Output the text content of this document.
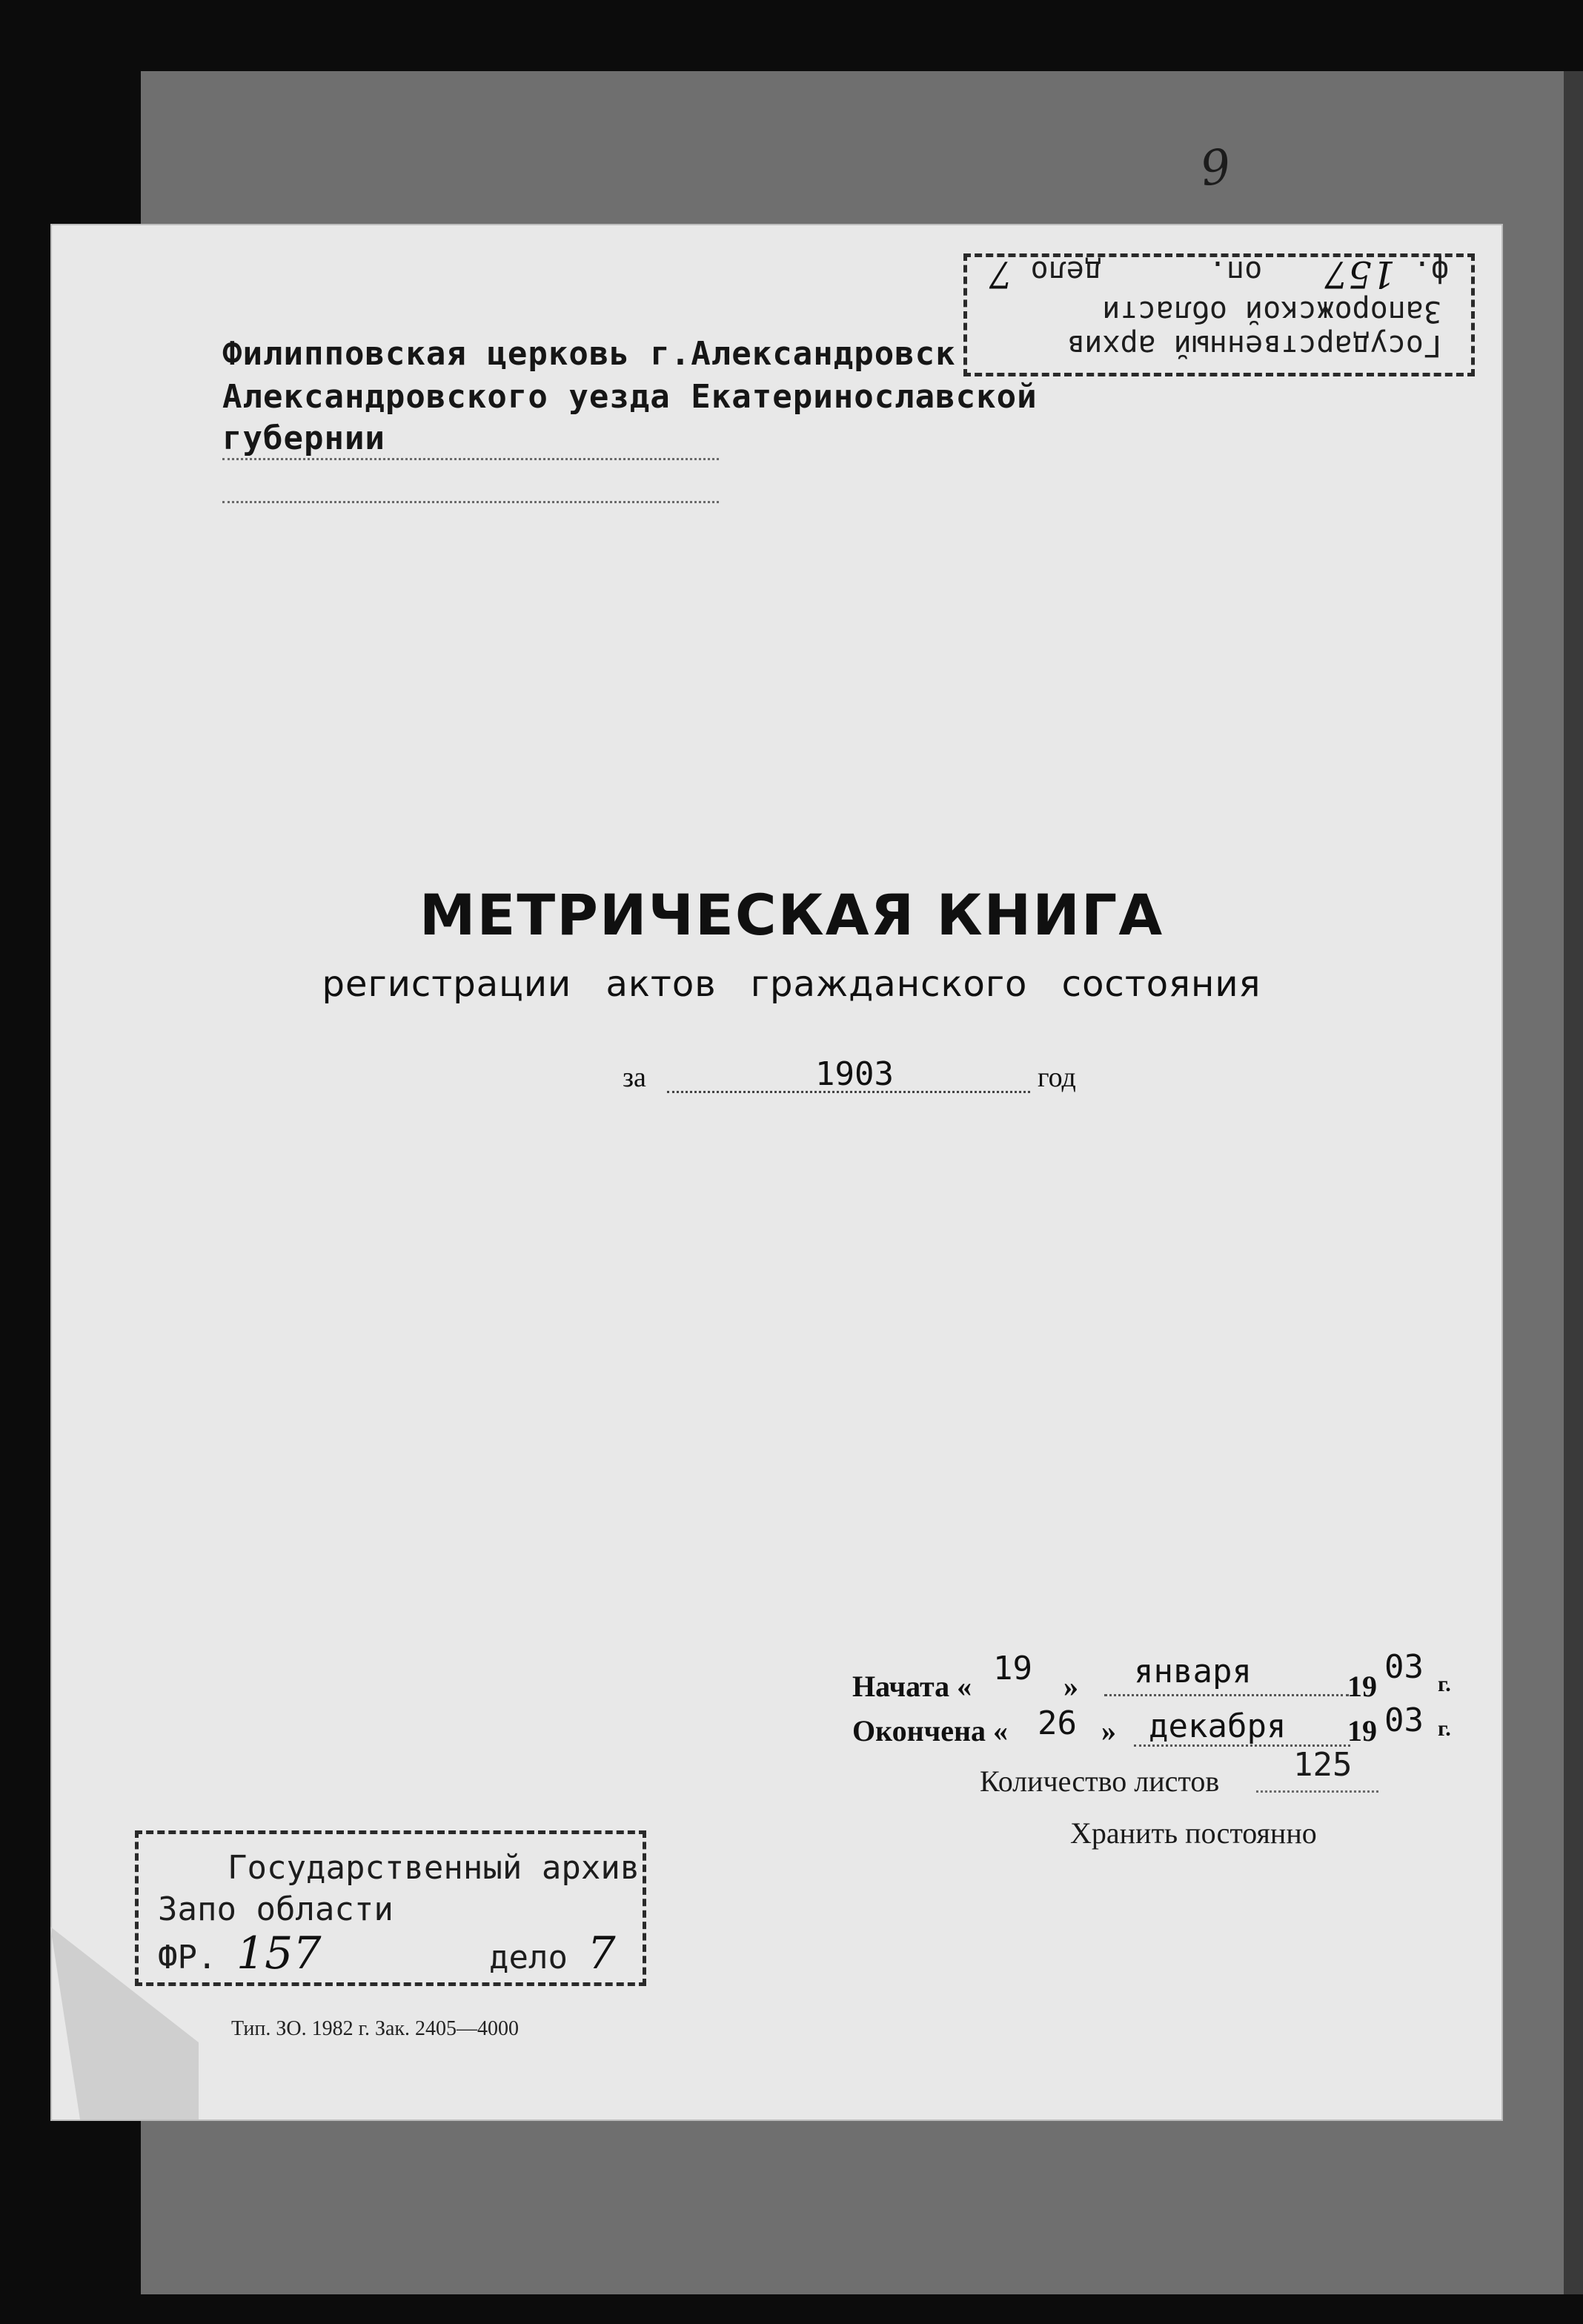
9
Филипповская церковь г.Александровск
Александровского уезда Екатеринославской
губернии
Государственный архив
Запорожской области
ф. 157 оп. дело 7
МЕТРИЧЕСКАЯ КНИГА
регистрации актов гражданского состояния
за	1903	год
Начата « 19 » января	19
03 г.
Окончена « 26 » декабря 19 03 г.
Количество листов 125
Хранить постоянно
Государственный архив
Запо области
ФР. 157	дело 7
Тип. ЗО. 1982 г. Зак. 2405—4000
